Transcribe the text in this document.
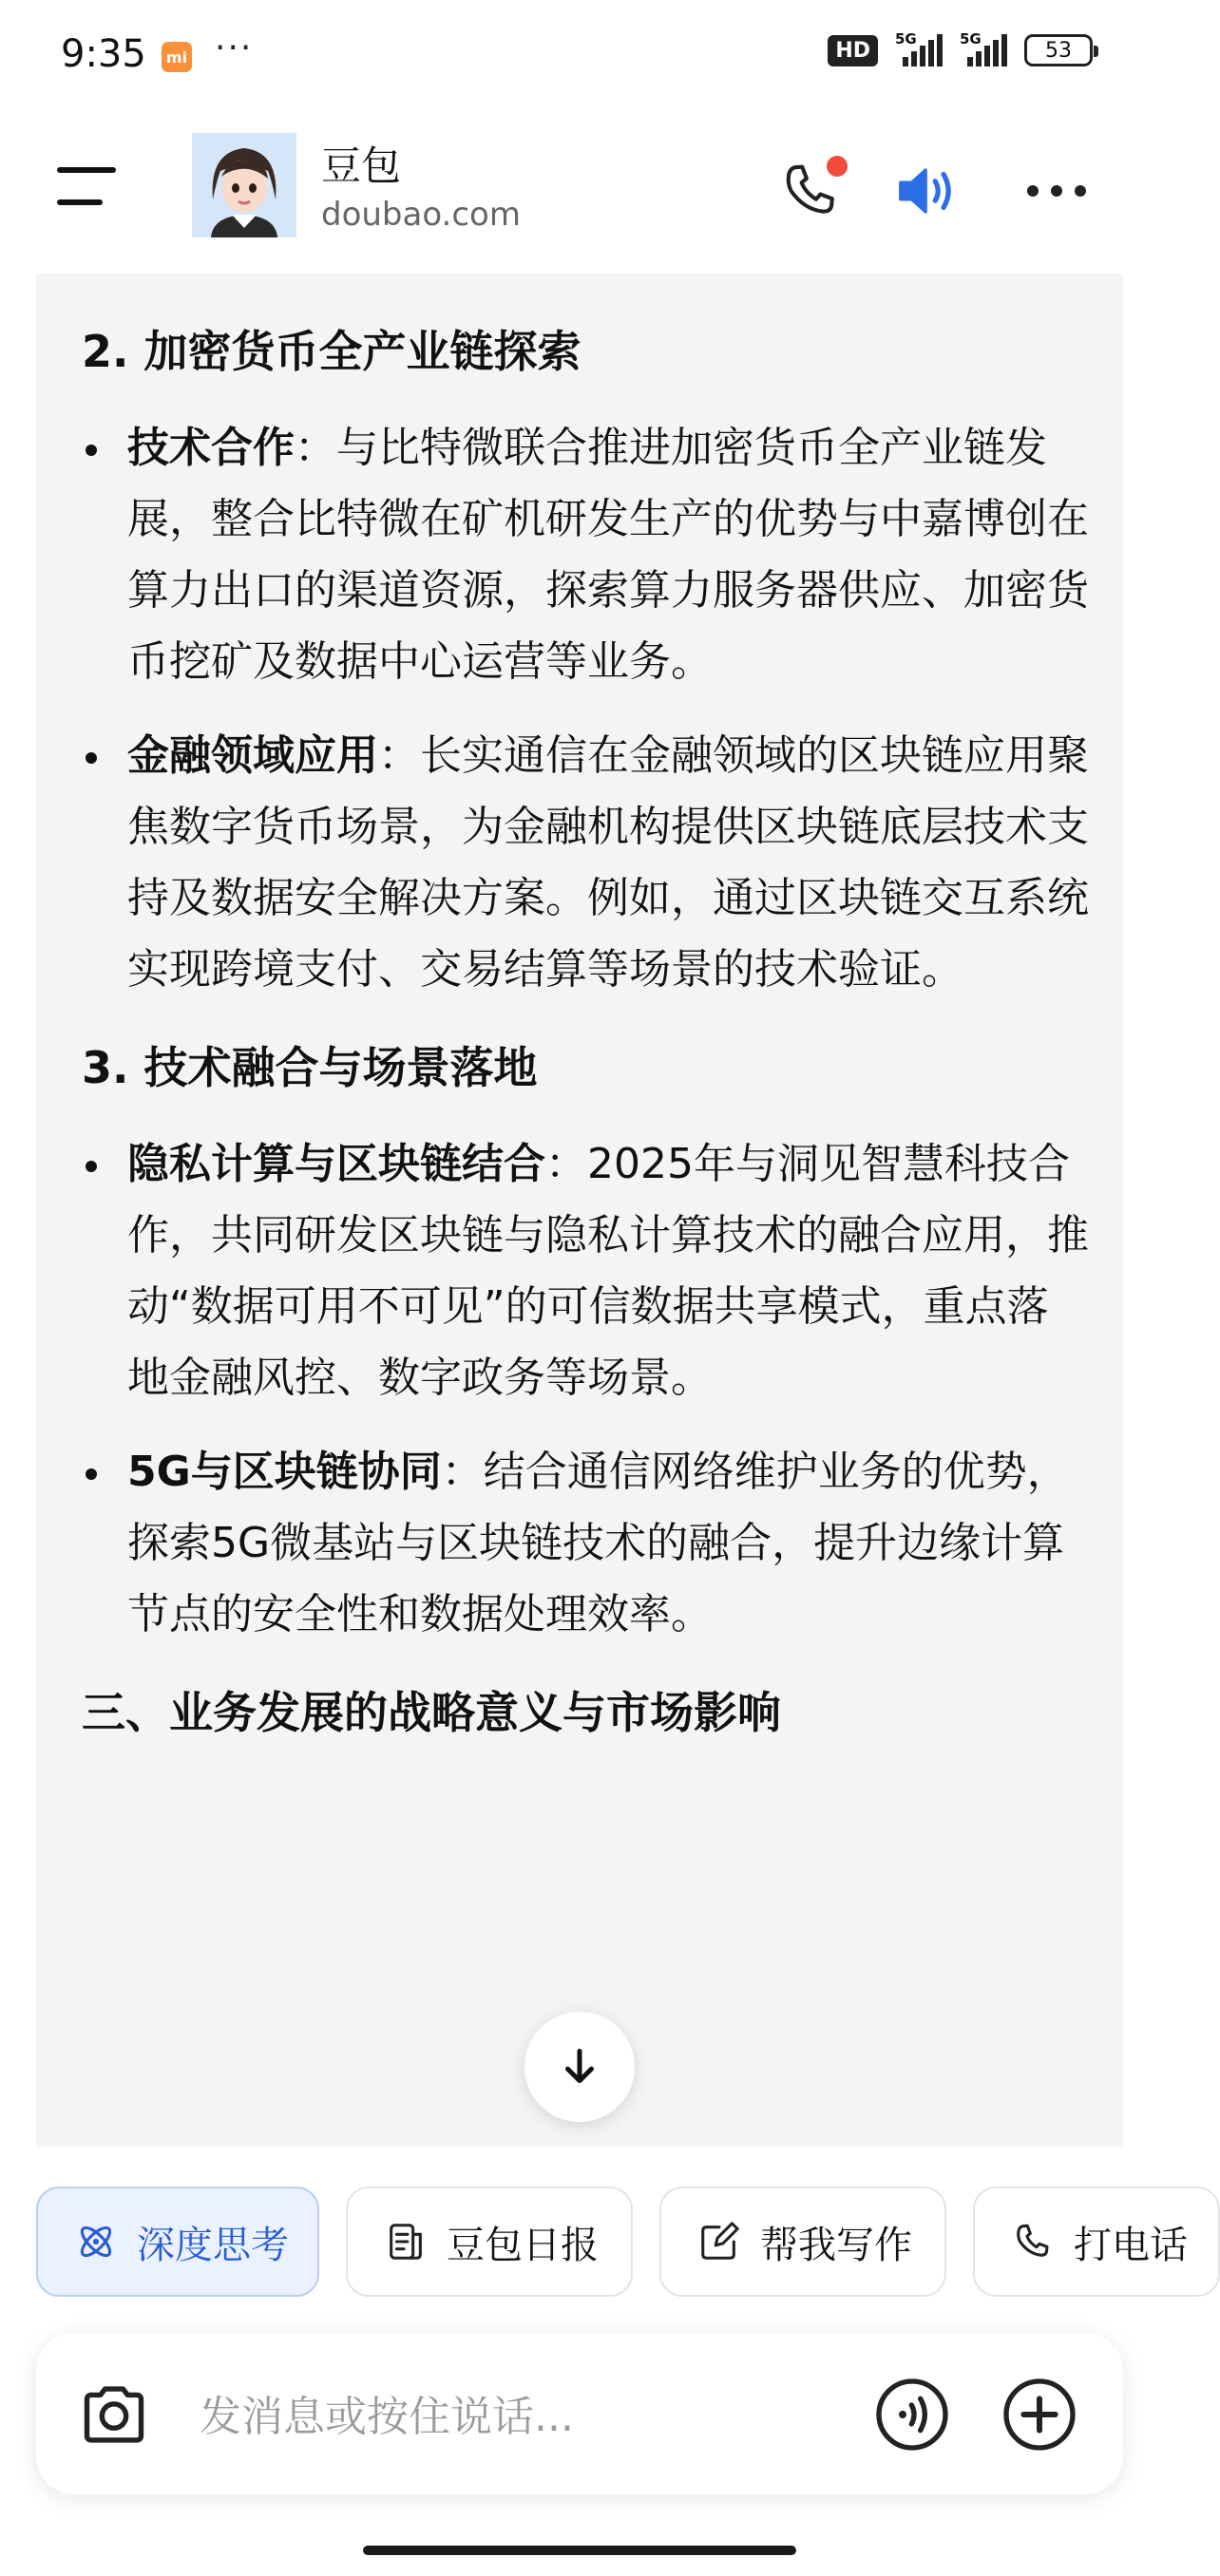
9:35	mi ···	HD	5G	5G	53
豆包
doubao.com
2. 加密货币全产业链探索
技术合作：与比特微联合推进加密货币全产业链发展，整合比特微在矿机研发生产的优势与中嘉博创在算力出口的渠道资源，探索算力服务器供应、加密货币挖矿及数据中心运营等业务。
金融领域应用：长实通信在金融领域的区块链应用聚焦数字货币场景，为金融机构提供区块链底层技术支持及数据安全解决方案。例如，通过区块链交互系统实现跨境支付、交易结算等场景的技术验证。
3. 技术融合与场景落地
隐私计算与区块链结合：2025年与洞见智慧科技合作，共同研发区块链与隐私计算技术的融合应用，推动“数据可用不可见”的可信数据共享模式，重点落地金融风控、数字政务等场景。
5G与区块链协同：结合通信网络维护业务的优势，探索5G微基站与区块链技术的融合，提升边缘计算节点的安全性和数据处理效率。
三、业务发展的战略意义与市场影响
深度思考	豆包日报	帮我写作	打电话
发消息或按住说话...
